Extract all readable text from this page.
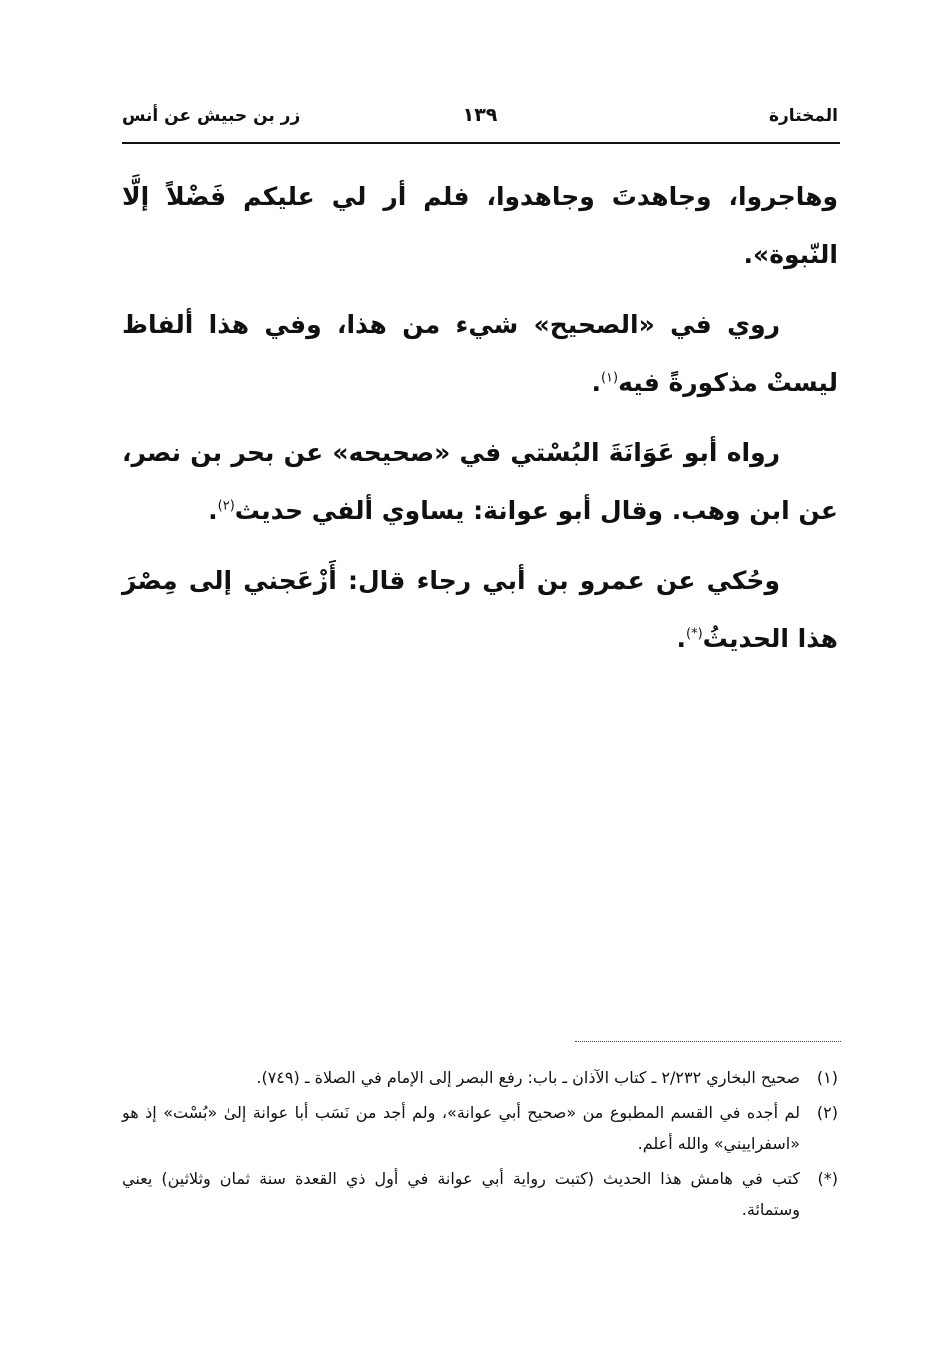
المختارة
١٣٩
زر بن حبيش عن أنس

وهاجروا، وجاهدتَ وجاهدوا، فلم أر لي عليكم فَضْلاً إلَّا النّبوة».

روي في «الصحيح» شيء من هذا، وفي هذا ألفاظ ليستْ مذكورةً فيه$^{(١)}$.

رواه أبو عَوَانَةَ البُسْتي في «صحيحه» عن بحر بن نصر، عن ابن وهب. وقال أبو عوانة: يساوي ألفي حديث$^{(٢)}$.

وحُكي عن عمرو بن أبي رجاء قال: أَزْعَجني إلى مِصْرَ هذا الحديثُ(*).

(١)
صحيح البخاري ٢/٢٣٢ ـ كتاب الآذان ـ باب: رفع البصر إلى الإمام في الصلاة ـ (٧٤٩).
(٢)
لم أجده في القسم المطبوع من «صحيح أبي عوانة»، ولم أجد من نَسَب أبا عوانة إلىٰ «بُسْت» إذ هو «اسفراييني» والله أعلم.
(*)
كتب في هامش هذا الحديث (كتبت رواية أبي عوانة في أول ذي القعدة سنة ثمان وثلاثين) يعني وستمائة.
